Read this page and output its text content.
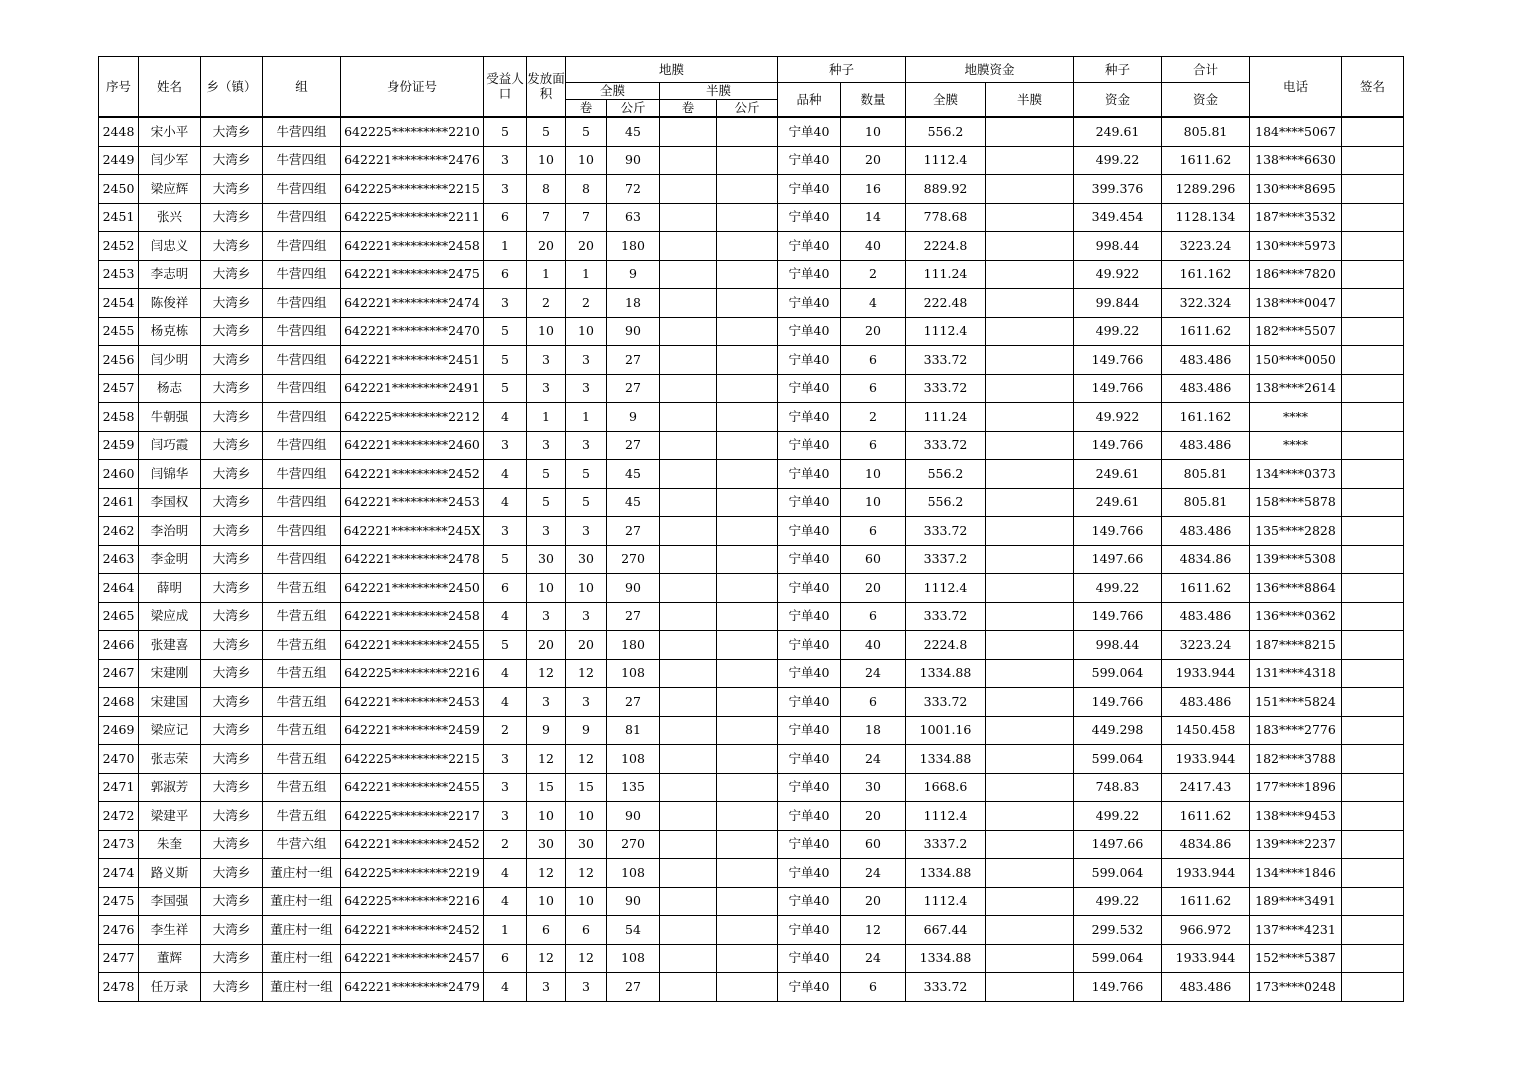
序号	姓名	乡（镇）	组	身份证号	受益人口	发放面积	地膜				种子		地膜资金		种子	合计	电话	签名
							全膜		半膜		品种	数量	全膜	半膜	资金	资金		
							卷	公斤	卷	公斤								
2448	宋小平	大湾乡	牛营四组	642225*********2210	5	5	5	45			宁单40	10	556.2		249.61	805.81	184****5067	
2449	闫少军	大湾乡	牛营四组	642221*********2476	3	10	10	90			宁单40	20	1112.4		499.22	1611.62	138****6630	
2450	梁应辉	大湾乡	牛营四组	642225*********2215	3	8	8	72			宁单40	16	889.92		399.376	1289.296	130****8695	
2451	张兴	大湾乡	牛营四组	642225*********2211	6	7	7	63			宁单40	14	778.68		349.454	1128.134	187****3532	
2452	闫忠义	大湾乡	牛营四组	642221*********2458	1	20	20	180			宁单40	40	2224.8		998.44	3223.24	130****5973	
2453	李志明	大湾乡	牛营四组	642221*********2475	6	1	1	9			宁单40	2	111.24		49.922	161.162	186****7820	
2454	陈俊祥	大湾乡	牛营四组	642221*********2474	3	2	2	18			宁单40	4	222.48		99.844	322.324	138****0047	
2455	杨克栋	大湾乡	牛营四组	642221*********2470	5	10	10	90			宁单40	20	1112.4		499.22	1611.62	182****5507	
2456	闫少明	大湾乡	牛营四组	642221*********2451	5	3	3	27			宁单40	6	333.72		149.766	483.486	150****0050	
2457	杨志	大湾乡	牛营四组	642221*********2491	5	3	3	27			宁单40	6	333.72		149.766	483.486	138****2614	
2458	牛朝强	大湾乡	牛营四组	642225*********2212	4	1	1	9			宁单40	2	111.24		49.922	161.162	****	
2459	闫巧霞	大湾乡	牛营四组	642221*********2460	3	3	3	27			宁单40	6	333.72		149.766	483.486	****	
2460	闫锦华	大湾乡	牛营四组	642221*********2452	4	5	5	45			宁单40	10	556.2		249.61	805.81	134****0373	
2461	李国权	大湾乡	牛营四组	642221*********2453	4	5	5	45			宁单40	10	556.2		249.61	805.81	158****5878	
2462	李治明	大湾乡	牛营四组	642221*********245X	3	3	3	27			宁单40	6	333.72		149.766	483.486	135****2828	
2463	李金明	大湾乡	牛营四组	642221*********2478	5	30	30	270			宁单40	60	3337.2		1497.66	4834.86	139****5308	
2464	薛明	大湾乡	牛营五组	642221*********2450	6	10	10	90			宁单40	20	1112.4		499.22	1611.62	136****8864	
2465	梁应成	大湾乡	牛营五组	642221*********2458	4	3	3	27			宁单40	6	333.72		149.766	483.486	136****0362	
2466	张建喜	大湾乡	牛营五组	642221*********2455	5	20	20	180			宁单40	40	2224.8		998.44	3223.24	187****8215	
2467	宋建刚	大湾乡	牛营五组	642225*********2216	4	12	12	108			宁单40	24	1334.88		599.064	1933.944	131****4318	
2468	宋建国	大湾乡	牛营五组	642221*********2453	4	3	3	27			宁单40	6	333.72		149.766	483.486	151****5824	
2469	梁应记	大湾乡	牛营五组	642221*********2459	2	9	9	81			宁单40	18	1001.16		449.298	1450.458	183****2776	
2470	张志荣	大湾乡	牛营五组	642225*********2215	3	12	12	108			宁单40	24	1334.88		599.064	1933.944	182****3788	
2471	郭淑芳	大湾乡	牛营五组	642221*********2455	3	15	15	135			宁单40	30	1668.6		748.83	2417.43	177****1896	
2472	梁建平	大湾乡	牛营五组	642225*********2217	3	10	10	90			宁单40	20	1112.4		499.22	1611.62	138****9453	
2473	朱奎	大湾乡	牛营六组	642221*********2452	2	30	30	270			宁单40	60	3337.2		1497.66	4834.86	139****2237	
2474	路义斯	大湾乡	董庄村一组	642225*********2219	4	12	12	108			宁单40	24	1334.88		599.064	1933.944	134****1846	
2475	李国强	大湾乡	董庄村一组	642225*********2216	4	10	10	90			宁单40	20	1112.4		499.22	1611.62	189****3491	
2476	李生祥	大湾乡	董庄村一组	642221*********2452	1	6	6	54			宁单40	12	667.44		299.532	966.972	137****4231	
2477	董辉	大湾乡	董庄村一组	642221*********2457	6	12	12	108			宁单40	24	1334.88		599.064	1933.944	152****5387	
2478	任万录	大湾乡	董庄村一组	642221*********2479	4	3	3	27			宁单40	6	333.72		149.766	483.486	173****0248	
